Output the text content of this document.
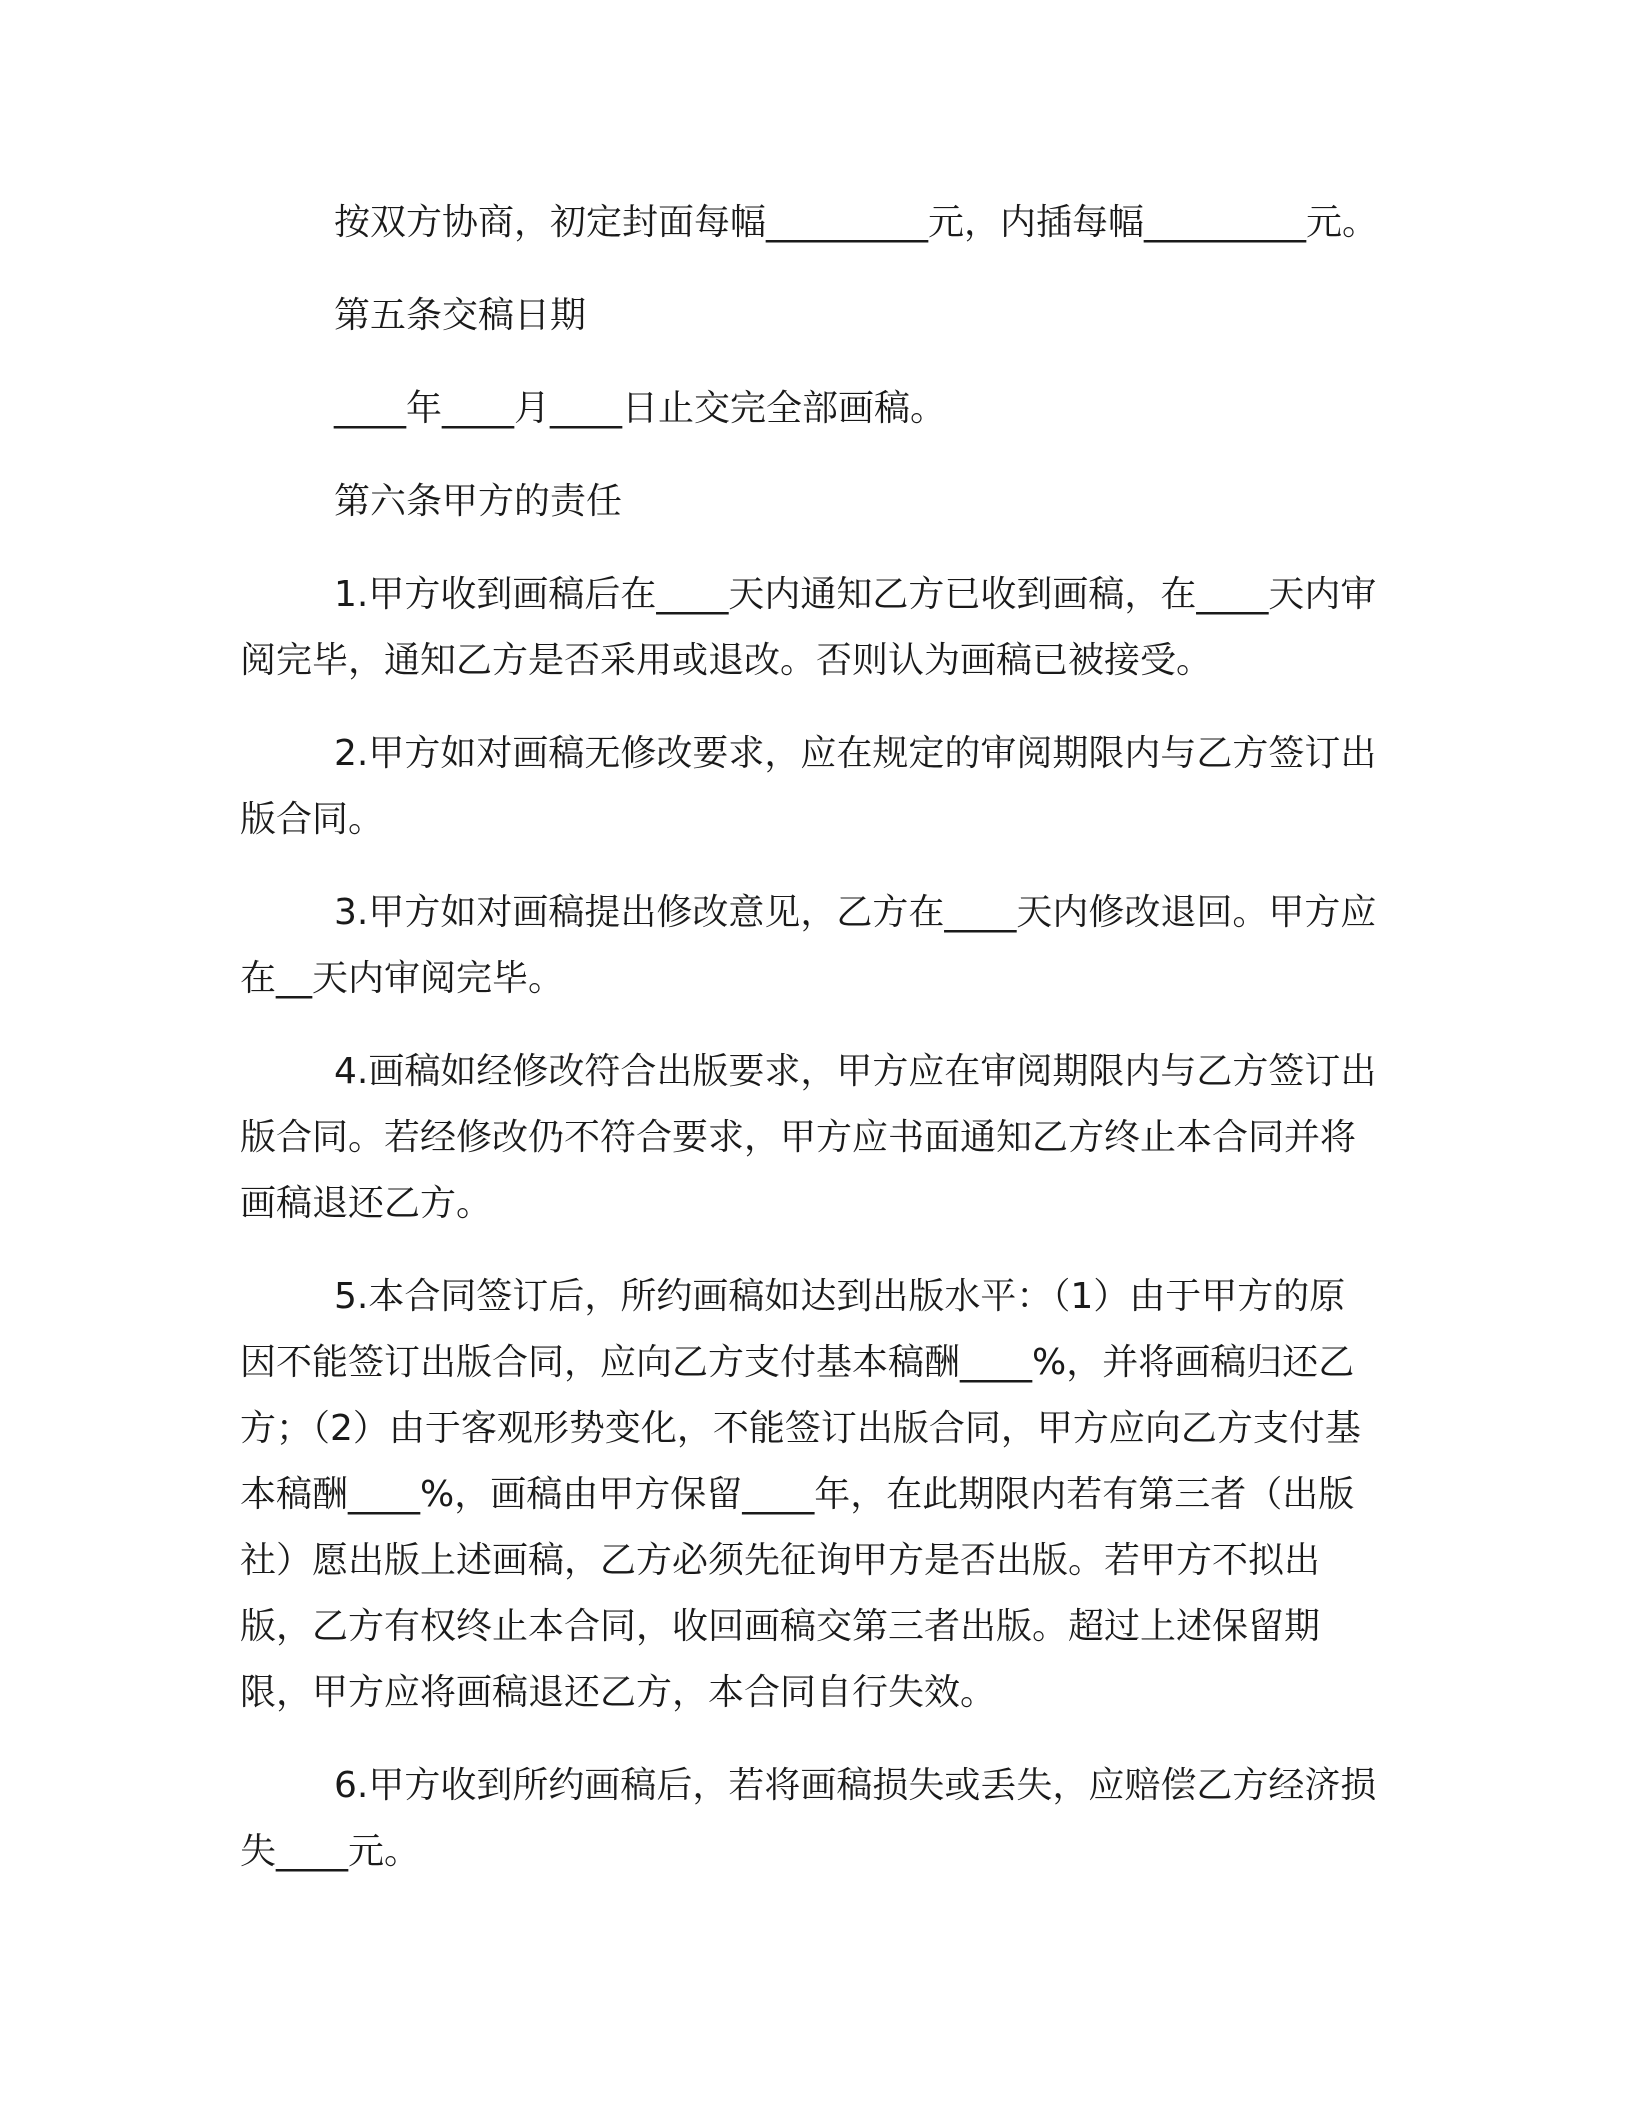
按双方协商，初定封面每幅_________元，内插每幅_________元。

第五条交稿日期

____年____月____日止交完全部画稿。

第六条甲方的责任

1.甲方收到画稿后在____天内通知乙方已收到画稿，在____天内审阅完毕，通知乙方是否采用或退改。否则认为画稿已被接受。

2.甲方如对画稿无修改要求，应在规定的审阅期限内与乙方签订出版合同。

3.甲方如对画稿提出修改意见，乙方在____天内修改退回。甲方应在__天内审阅完毕。

4.画稿如经修改符合出版要求，甲方应在审阅期限内与乙方签订出版合同。若经修改仍不符合要求，甲方应书面通知乙方终止本合同并将画稿退还乙方。

5.本合同签订后，所约画稿如达到出版水平：（1）由于甲方的原因不能签订出版合同，应向乙方支付基本稿酬____%，并将画稿归还乙方；（2）由于客观形势变化，不能签订出版合同，甲方应向乙方支付基本稿酬____%，画稿由甲方保留____年，在此期限内若有第三者（出版社）愿出版上述画稿，乙方必须先征询甲方是否出版。若甲方不拟出版，乙方有权终止本合同，收回画稿交第三者出版。超过上述保留期限，甲方应将画稿退还乙方，本合同自行失效。

6.甲方收到所约画稿后，若将画稿损失或丢失，应赔偿乙方经济损失____元。
